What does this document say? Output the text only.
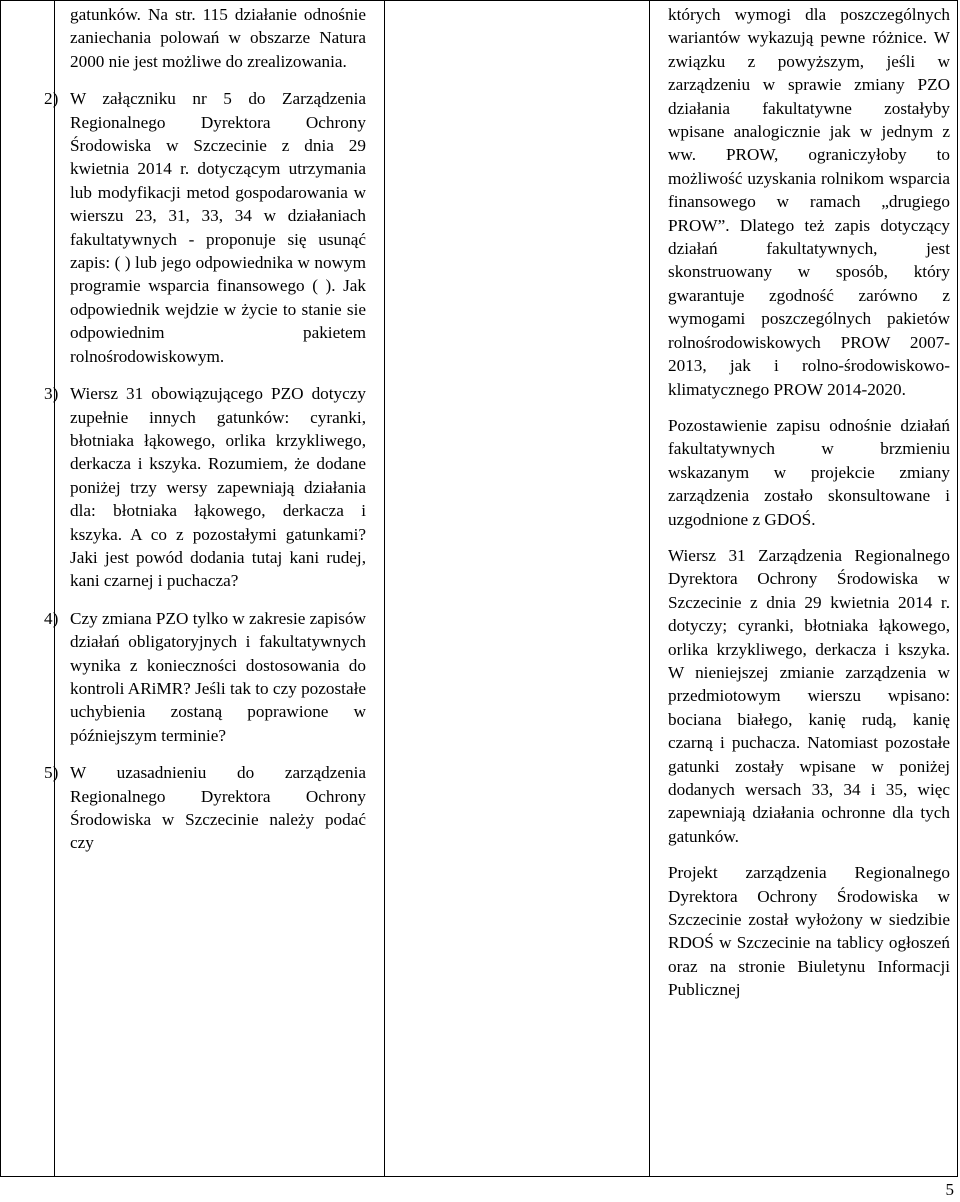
gatunków. Na str. 115 działanie odnośnie zaniechania polowań w obszarze Natura 2000 nie jest możliwe do zrealizowania.

2) W załączniku nr 5 do Zarządzenia Regionalnego Dyrektora Ochrony Środowiska w Szczecinie z dnia 29 kwietnia 2014 r. dotyczącym utrzymania lub modyfikacji metod gospodarowania w wierszu 23, 31, 33, 34 w działaniach fakultatywnych - proponuje się usunąć zapis: ( ) lub jego odpowiednika w nowym programie wsparcia finansowego ( ). Jak odpowiednik wejdzie w życie to stanie sie odpowiednim pakietem rolnośrodowiskowym.

3) Wiersz 31 obowiązującego PZO dotyczy zupełnie innych gatunków: cyranki, błotniaka łąkowego, orlika krzykliwego, derkacza i kszyka. Rozumiem, że dodane poniżej trzy wersy zapewniają działania dla: błotniaka łąkowego, derkacza i kszyka. A co z pozostałymi gatunkami? Jaki jest powód dodania tutaj kani rudej, kani czarnej i puchacza?

4) Czy zmiana PZO tylko w zakresie zapisów działań obligatoryjnych i fakultatywnych wynika z konieczności dostosowania do kontroli ARiMR? Jeśli tak to czy pozostałe uchybienia zostaną poprawione w późniejszym terminie?

5) W uzasadnieniu do zarządzenia Regionalnego Dyrektora Ochrony Środowiska w Szczecinie należy podać czy

których wymogi dla poszczególnych wariantów wykazują pewne różnice. W związku z powyższym, jeśli w zarządzeniu w sprawie zmiany PZO działania fakultatywne zostałyby wpisane analogicznie jak w jednym z ww. PROW, ograniczyłoby to możliwość uzyskania rolnikom wsparcia finansowego w ramach „drugiego PROW”. Dlatego też zapis dotyczący działań fakultatywnych, jest skonstruowany w sposób, który gwarantuje zgodność zarówno z wymogami poszczególnych pakietów rolnośrodowiskowych PROW 2007-2013, jak i rolno-środowiskowo-klimatycznego PROW 2014-2020.

Pozostawienie zapisu odnośnie działań fakultatywnych w brzmieniu wskazanym w projekcie zmiany zarządzenia zostało skonsultowane i uzgodnione z GDOŚ.

Wiersz 31 Zarządzenia Regionalnego Dyrektora Ochrony Środowiska w Szczecinie z dnia 29 kwietnia 2014 r. dotyczy; cyranki, błotniaka łąkowego, orlika krzykliwego, derkacza i kszyka. W nieniejszej zmianie zarządzenia w przedmiotowym wierszu wpisano: bociana białego, kanię rudą, kanię czarną i puchacza. Natomiast pozostałe gatunki zostały wpisane w poniżej dodanych wersach 33, 34 i 35, więc zapewniają działania ochronne dla tych gatunków.

Projekt zarządzenia Regionalnego Dyrektora Ochrony Środowiska w Szczecinie został wyłożony w siedzibie RDOŚ w Szczecinie na tablicy ogłoszeń oraz na stronie Biuletynu Informacji Publicznej

5
